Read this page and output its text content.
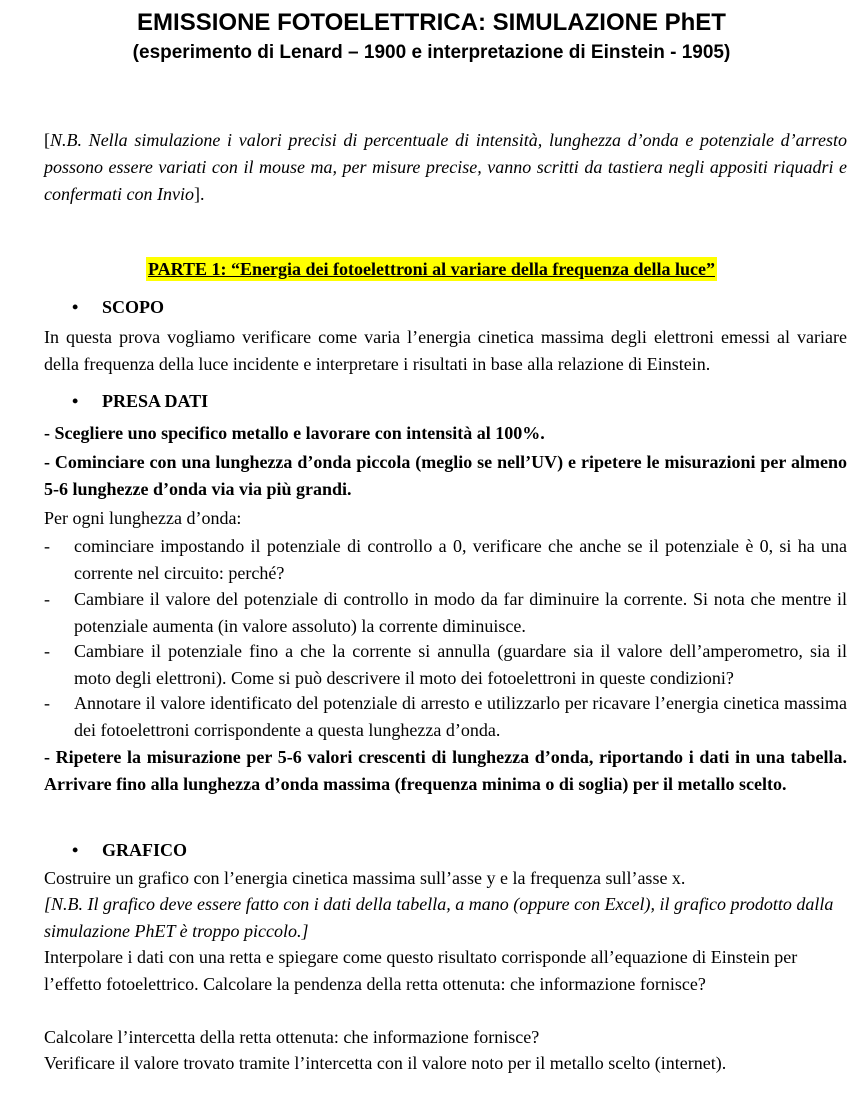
EMISSIONE FOTOELETTRICA: SIMULAZIONE PhET
(esperimento di Lenard – 1900 e interpretazione di Einstein - 1905)

[N.B. Nella simulazione i valori precisi di percentuale di intensità, lunghezza d’onda e potenziale d’arresto possono essere variati con il mouse ma, per misure precise, vanno scritti da tastiera negli appositi riquadri e confermati con Invio].

PARTE 1: “Energia dei fotoelettroni al variare della frequenza della luce”

• SCOPO

In questa prova vogliamo verificare come varia l’energia cinetica massima degli elettroni emessi al variare della frequenza della luce incidente e interpretare i risultati in base alla relazione di Einstein.

• PRESA DATI

- Scegliere uno specifico metallo e lavorare con intensità al 100%.

- Cominciare con una lunghezza d’onda piccola (meglio se nell’UV) e ripetere le misurazioni per almeno 5-6 lunghezze d’onda via via più grandi.

Per ogni lunghezza d’onda:

-	cominciare impostando il potenziale di controllo a 0, verificare che anche se il potenziale è 0, si ha una corrente nel circuito: perché?
-	Cambiare il valore del potenziale di controllo in modo da far diminuire la corrente. Si nota che mentre il potenziale aumenta (in valore assoluto) la corrente diminuisce.
-	Cambiare il potenziale fino a che la corrente si annulla (guardare sia il valore dell’amperometro, sia il moto degli elettroni). Come si può descrivere il moto dei fotoelettroni in queste condizioni?
-	Annotare il valore identificato del potenziale di arresto e utilizzarlo per ricavare l’energia cinetica massima dei fotoelettroni corrispondente a questa lunghezza d’onda.

- Ripetere la misurazione per 5-6 valori crescenti di lunghezza d’onda, riportando i dati in una tabella. Arrivare fino alla lunghezza d’onda massima (frequenza minima o di soglia) per il metallo scelto.

• GRAFICO

Costruire un grafico con l’energia cinetica massima sull’asse y e la frequenza sull’asse x.

[N.B. Il grafico deve essere fatto con i dati della tabella, a mano (oppure con Excel), il grafico prodotto dalla simulazione PhET è troppo piccolo.]

Interpolare i dati con una retta e spiegare come questo risultato corrisponde all’equazione di Einstein per l’effetto fotoelettrico. Calcolare la pendenza della retta ottenuta: che informazione fornisce?

Calcolare l’intercetta della retta ottenuta: che informazione fornisce?

Verificare il valore trovato tramite l’intercetta con il valore noto per il metallo scelto (internet).
